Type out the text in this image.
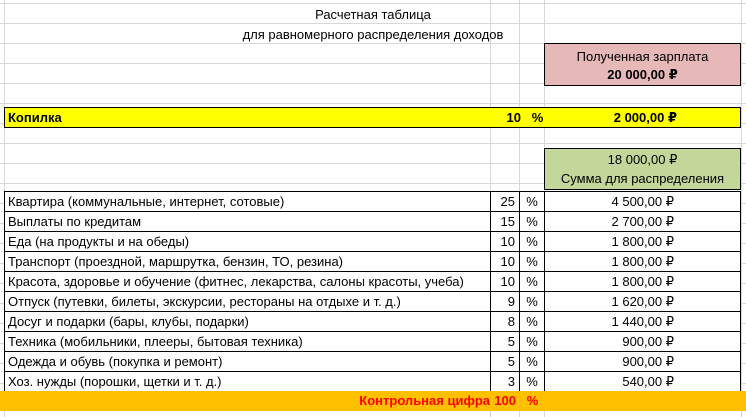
Расчетная таблица
для равномерного распределения доходов
Полученная зарплата
20 000,00 ₽
Копилка	10 %	2 000,00 ₽
18 000,00 ₽
Сумма для распределения
Квартира (коммунальные, интернет, сотовые)	25 %	4 500,00 ₽
Выплаты по кредитам	15 %	2 700,00 ₽
Еда (на продукты и на обеды)	10 %	1 800,00 ₽
Транспорт (проездной, маршрутка, бензин, ТО, резина)	10 %	1 800,00 ₽
Красота, здоровье и обучение (фитнес, лекарства, салоны красоты, учеба)	10 %	1 800,00 ₽
Отпуск (путевки, билеты, экскурсии, рестораны на отдыхе и т. д.)	9 %	1 620,00 ₽
Досуг и подарки (бары, клубы, подарки)	8 %	1 440,00 ₽
Техника (мобильники, плееры, бытовая техника)	5 %	900,00 ₽
Одежда и обувь (покупка и ремонт)	5 %	900,00 ₽
Хоз. нужды (порошки, щетки и т. д.)	3 %	540,00 ₽
Контрольная цифра 100 %
